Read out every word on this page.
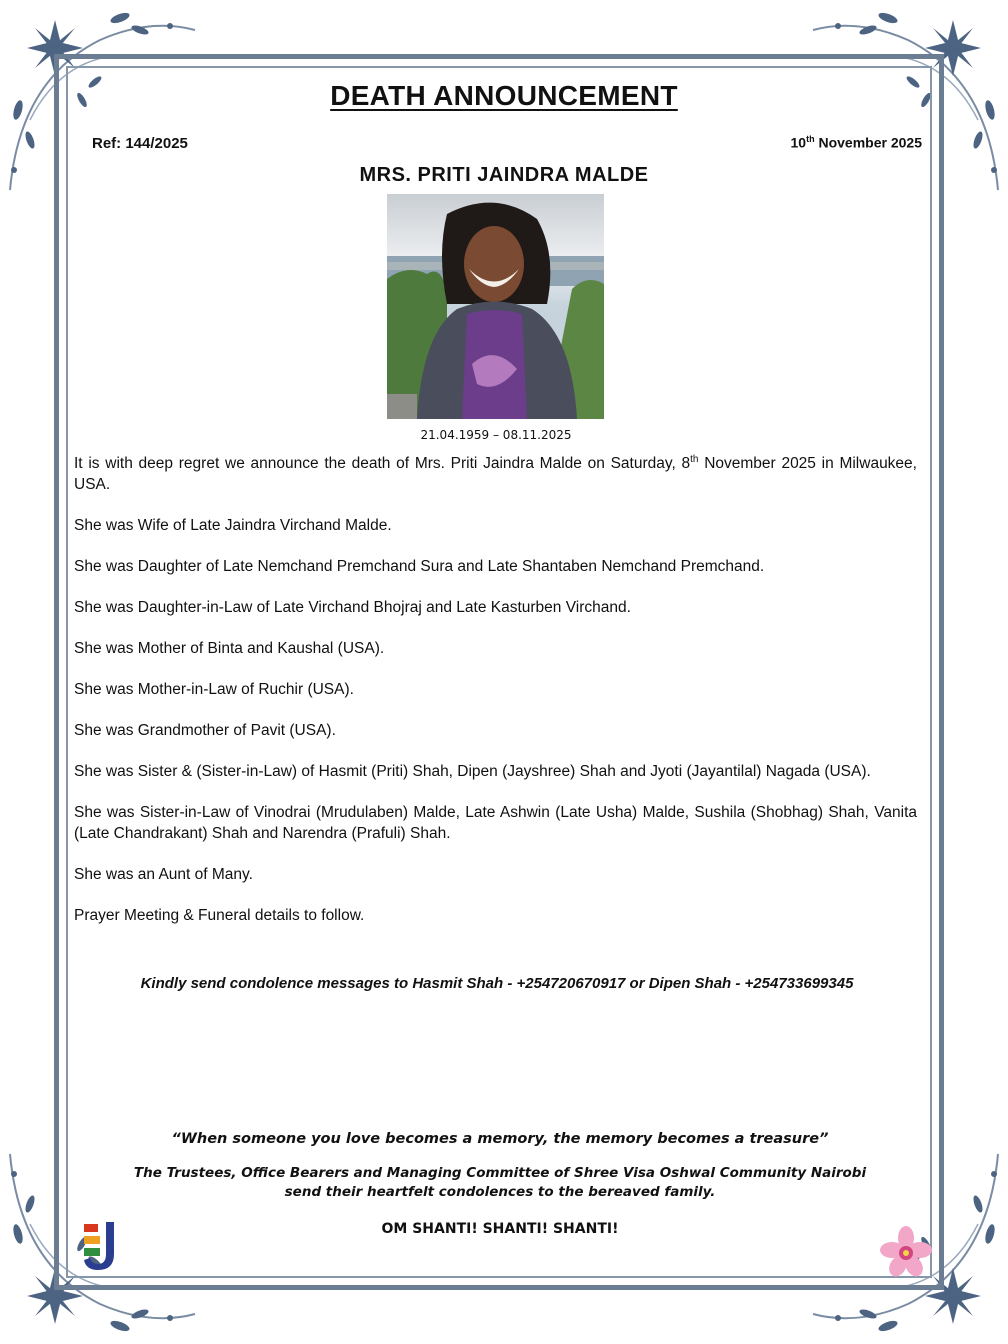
DEATH ANNOUNCEMENT
Ref: 144/2025	10th November 2025
MRS. PRITI JAINDRA MALDE
21.04.1959 – 08.11.2025

It is with deep regret we announce the death of Mrs. Priti Jaindra Malde on Saturday, 8th November 2025 in Milwaukee, USA.

She was Wife of Late Jaindra Virchand Malde.

She was Daughter of Late Nemchand Premchand Sura and Late Shantaben Nemchand Premchand.

She was Daughter-in-Law of Late Virchand Bhojraj and Late Kasturben Virchand.

She was Mother of Binta and Kaushal (USA).

She was Mother-in-Law of Ruchir (USA).

She was Grandmother of Pavit (USA).

She was Sister & (Sister-in-Law) of Hasmit (Priti) Shah, Dipen (Jayshree) Shah and Jyoti (Jayantilal) Nagada (USA).

She was Sister-in-Law of Vinodrai (Mrudulaben) Malde, Late Ashwin (Late Usha) Malde, Sushila (Shobhag) Shah, Vanita (Late Chandrakant) Shah and Narendra (Prafuli) Shah.

She was an Aunt of Many.

Prayer Meeting & Funeral details to follow.

Kindly send condolence messages to Hasmit Shah - +254720670917 or Dipen Shah - +254733699345
“When someone you love becomes a memory, the memory becomes a treasure”
The Trustees, Office Bearers and Managing Committee of Shree Visa Oshwal Community Nairobi
send their heartfelt condolences to the bereaved family.
OM SHANTI! SHANTI! SHANTI!
